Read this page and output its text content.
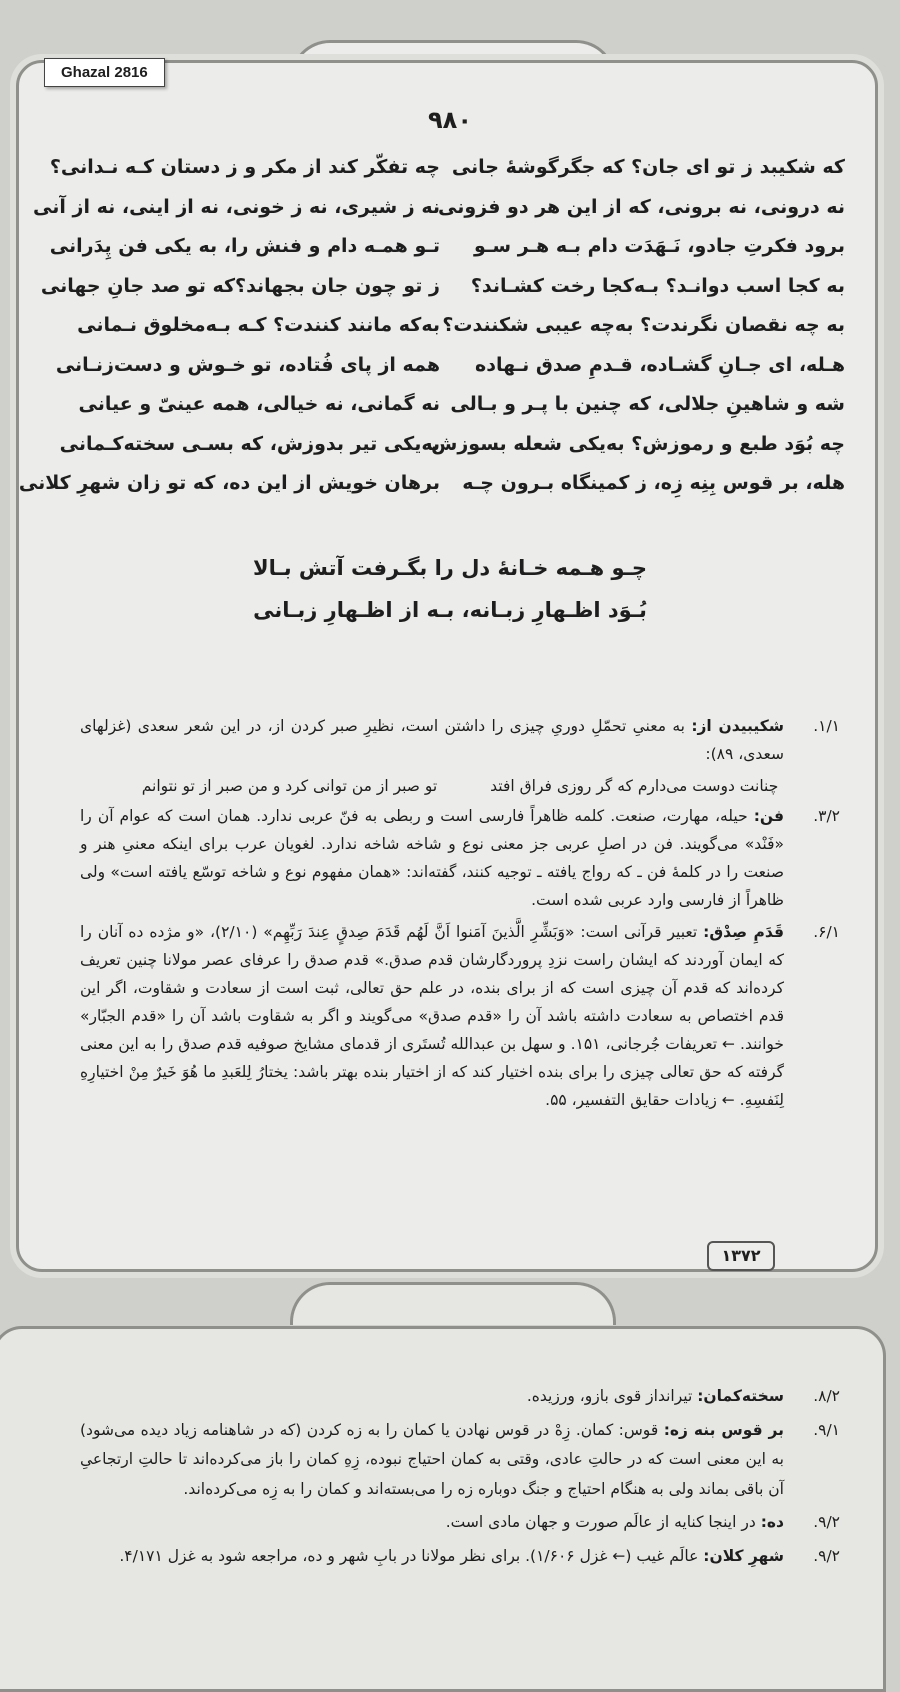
Ghazal 2816
۹۸۰
که شکیبد ز تو ای جان؟ که جگرگوشهٔ جانی
نه درونی، نه برونی، که از این هر دو فزونی
برود فکرتِ جادو، نَـهَدَت دام بـه هـر سـو
به کجا اسب دوانـد؟ بـه‌کجا رخت کشـاند؟
به چه نقصان نگرندت؟ به‌چه عیبی شکنندت؟
هـله، ای جـانِ گشـاده، قـدمِ صدق نـهاده
شه و شاهینِ جلالی، که چنین با پـر و بـالی
چه بُوَد طبع و رموزش؟ به‌یکی شعله بسوزش
هله، بر قوس بِنِه زِه، ز کمینگاه بـرون چـه
چه تفکّر کند از مکر و ز دستان کـه نـدانی؟
نه ز شیری، نه ز خونی، نه از اینی، نه از آنی
تـو همـه دام و فنش را، به یکی فن پِدَرانی
ز تو چون جان بجهاند؟که تو صد جانِ جهانی
به‌که مانند کنندت؟ کـه بـه‌مخلوق نـمانی
همه از پای فُتاده، تو خـوش و دست‌زنـانی
نه گمانی، نه خیالی، همه عینیّ و عیانی
به‌یکی تیر بدوزش، که بسـی سخته‌کـمانی
برهان خویش از این ده، که تو زان شهرِ کلانی
چـو هـمه خـانهٔ دل را بگـرفت آتش بـالا
بُـوَد اظـهارِ زبـانه، بـه از اظـهارِ زبـانی
۱/۱.
شکیبیدن از: به معنیِ تحمّلِ دوریِ چیزی را داشتن است، نظیرِ صبر کردن از، در این شعر سعدی (غزلهای سعدی، ۸۹):
چنانت دوست می‌دارم که گر روزی فراق افتد تو صبر از من توانی کرد و من صبر از تو نتوانم
۳/۲.
فن: حیله، مهارت، صنعت. کلمه ظاهراً فارسی است و ربطی به فنّ عربی ندارد. همان است که عوام آن را «فَنْد» می‌گویند. فن در اصلِ عربی جز معنی نوع و شاخه شاخه ندارد. لغویان عرب برای اینکه معنیِ هنر و صنعت را در کلمهٔ فن ـ که رواج یافته ـ توجیه کنند، گفته‌اند: «همان مفهوم نوع و شاخه توسّع یافته است» ولی ظاهراً از فارسی وارد عربی شده است.
۶/۱.
قَدَمِ صِدْق: تعبیر قرآنی است: «وَبَشِّرِ الَّذینَ آمَنوا اَنَّ لَهُم قَدَمَ صِدقٍ عِندَ رَبِّهِم» (۲/۱۰)، «و مژده ده آنان را که ایمان آوردند که ایشان راست نزدِ پروردگارشان قدم صدق.» قدم صدق را عرفای عصر مولانا چنین تعریف کرده‌اند که قدم آن چیزی است که از برای بنده، در علم حق تعالی، ثبت است از سعادت و شقاوت، اگر این قدم اختصاص به سعادت داشته باشد آن را «قدم صدق» می‌گویند و اگر به شقاوت باشد آن را «قدم الجبّار» خوانند. ← تعریفات جُرجانی، ۱۵۱. و سهل بن عبدالله تُستَری از قدمای مشایخ صوفیه قدم صدق را به این معنی گرفته که حق تعالی چیزی را برای بنده اختیار کند که از اختیار بنده بهتر باشد: یختارُ لِلعَبدِ ما هُوَ خَیرٌ مِنْ اختیارِهِ لِنَفسِهِ. ← زیادات حقایق التفسیر، ۵۵.
۱۳۷۲
۸/۲.
سخته‌کمان: تیرانداز قوی بازو، ورزیده.
۹/۱.
بر قوس بنه زه: قوس: کمان. زِهْ در قوس نهادن یا کمان را به زه کردن (که در شاهنامه زیاد دیده می‌شود) به این معنی است که در حالتِ عادی، وقتی به کمان احتیاج نبوده، زِهِ کمان را باز می‌کرده‌اند تا حالتِ ارتجاعیِ آن باقی بماند ولی به هنگام احتیاج و جنگ دوباره زه را می‌بسته‌اند و کمان را به زِه می‌کرده‌اند.
۹/۲.
ده: در اینجا کنایه از عالَم صورت و جهان مادی است.
۹/۲.
شهرِ کلان: عالَم غیب (← غزل ۱/۶۰۶). برای نظر مولانا در بابِ شهر و ده، مراجعه شود به غزل ۴/۱۷۱.
